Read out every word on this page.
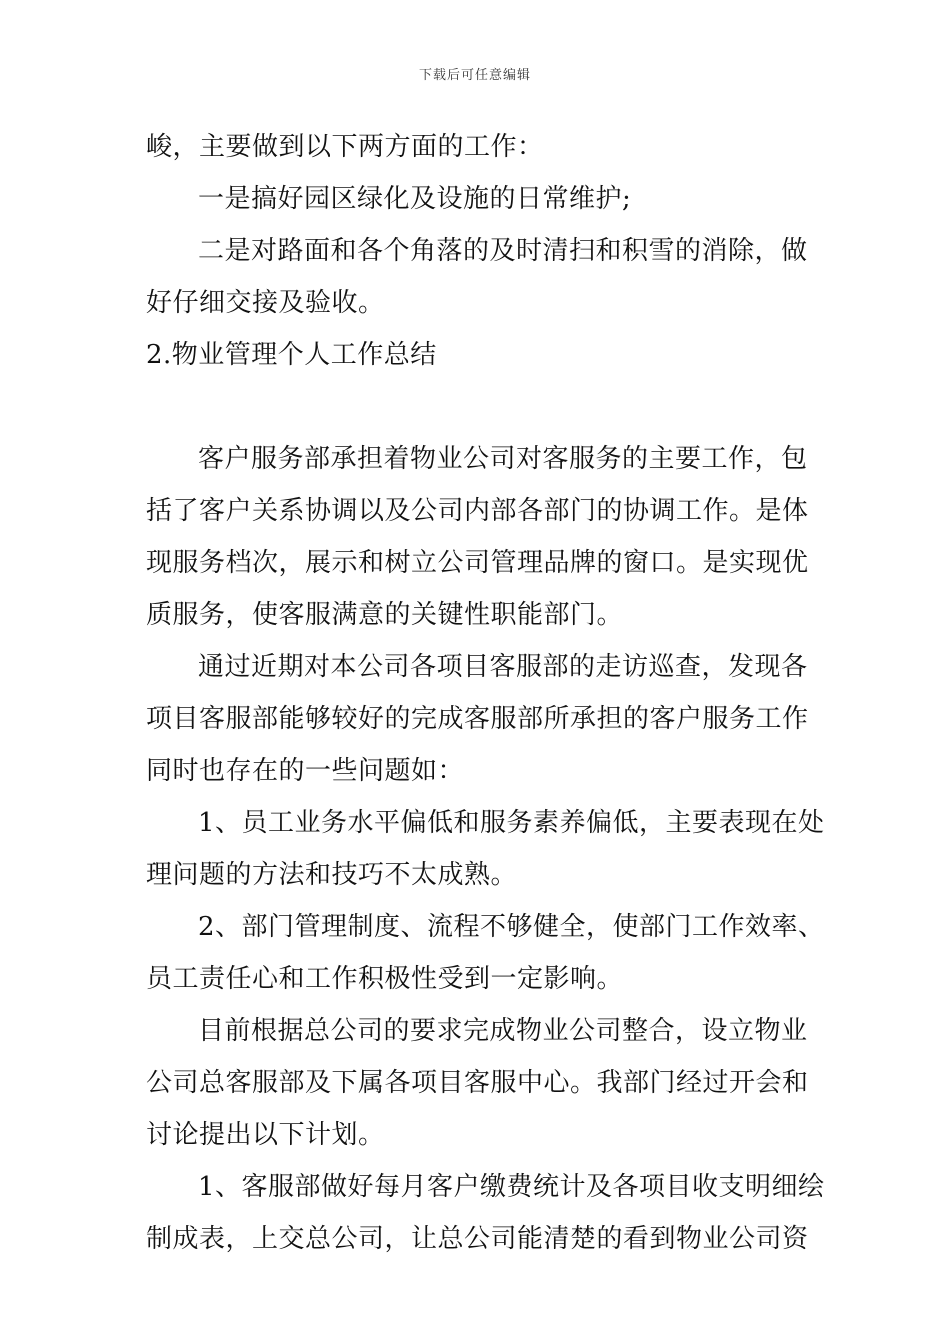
下载后可任意编辑
峻，主要做到以下两方面的工作：
一是搞好园区绿化及设施的日常维护;
二是对路面和各个角落的及时清扫和积雪的消除，做
好仔细交接及验收。
2.物业管理个人工作总结
客户服务部承担着物业公司对客服务的主要工作，包
括了客户关系协调以及公司内部各部门的协调工作。是体
现服务档次，展示和树立公司管理品牌的窗口。是实现优
质服务，使客服满意的关键性职能部门。
通过近期对本公司各项目客服部的走访巡查，发现各
项目客服部能够较好的完成客服部所承担的客户服务工作
同时也存在的一些问题如：
1、员工业务水平偏低和服务素养偏低，主要表现在处
理问题的方法和技巧不太成熟。
2、部门管理制度、流程不够健全，使部门工作效率、
员工责任心和工作积极性受到一定影响。
目前根据总公司的要求完成物业公司整合，设立物业
公司总客服部及下属各项目客服中心。我部门经过开会和
讨论提出以下计划。
1、客服部做好每月客户缴费统计及各项目收支明细绘
制成表，上交总公司，让总公司能清楚的看到物业公司资
